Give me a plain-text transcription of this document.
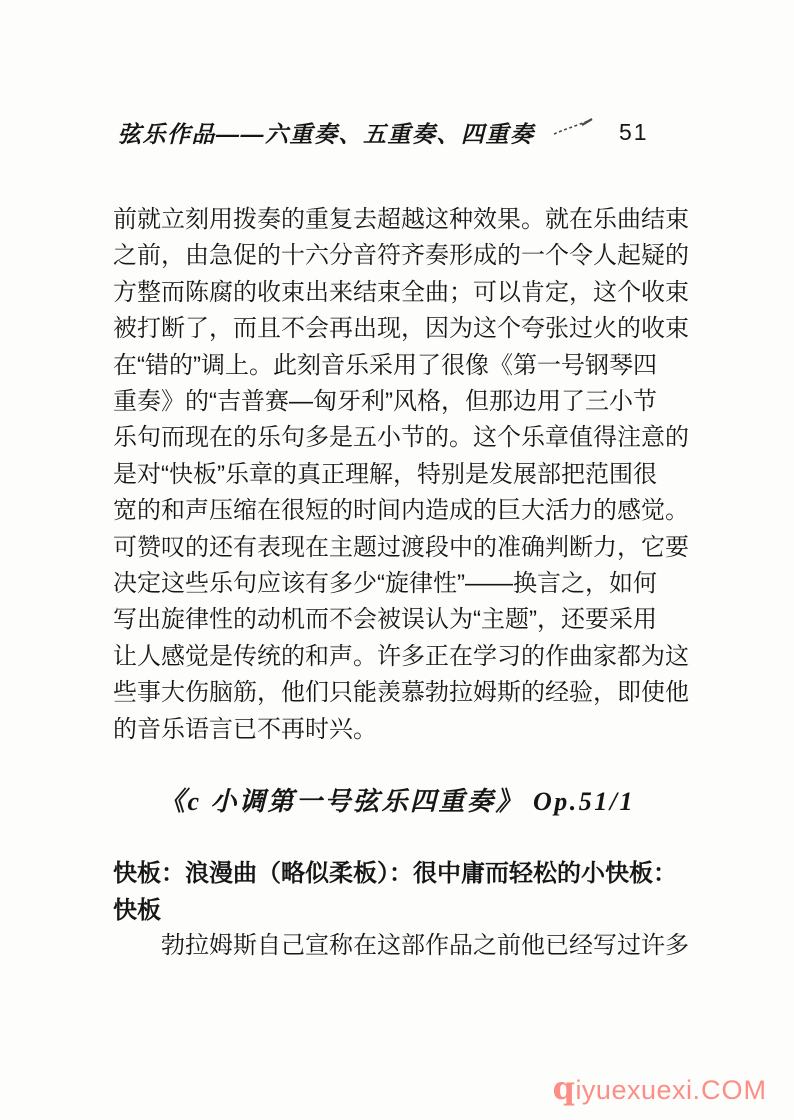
弦乐作品——六重奏、五重奏、四重奏	51
前就立刻用拨奏的重复去超越这种效果。就在乐曲结束
之前，由急促的十六分音符齐奏形成的一个令人起疑的
方整而陈腐的收束出来结束全曲；可以肯定，这个收束
被打断了，而且不会再出现，因为这个夸张过火的收束
在“错的”调上。此刻音乐采用了很像《第一号钢琴四
重奏》的“吉普赛—匈牙利”风格，但那边用了三小节
乐句而现在的乐句多是五小节的。这个乐章值得注意的
是对“快板”乐章的真正理解，特别是发展部把范围很
宽的和声压缩在很短的时间内造成的巨大活力的感觉。
可赞叹的还有表现在主题过渡段中的准确判断力，它要
决定这些乐句应该有多少“旋律性”——换言之，如何
写出旋律性的动机而不会被误认为“主题”，还要采用
让人感觉是传统的和声。许多正在学习的作曲家都为这
些事大伤脑筋，他们只能羡慕勃拉姆斯的经验，即使他
的音乐语言已不再时兴。
《c 小调第一号弦乐四重奏》 Op.51/1
快板：浪漫曲（略似柔板）：很中庸而轻松的小快板：
快板
勃拉姆斯自己宣称在这部作品之前他已经写过许多
qiyuexuexi.COM
